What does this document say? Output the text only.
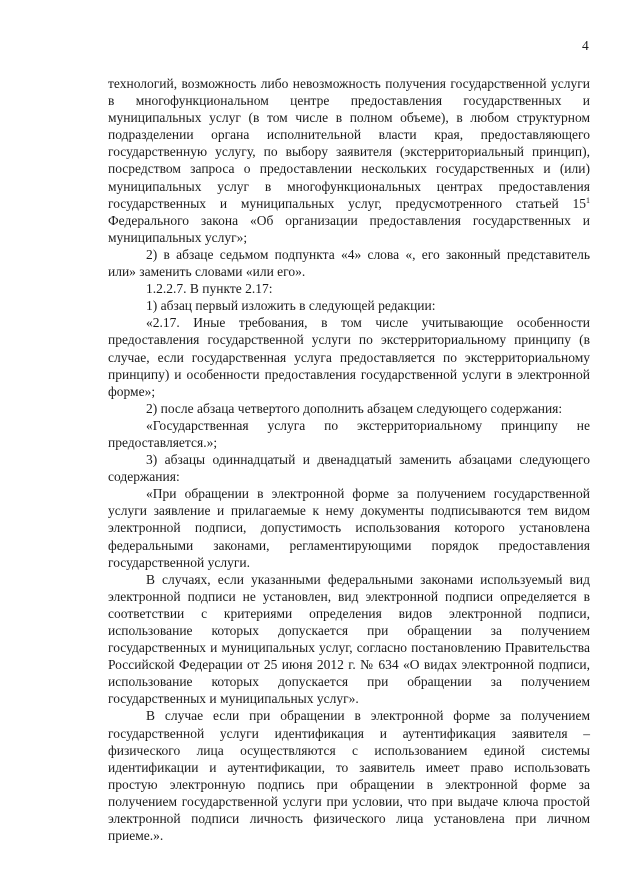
4

технологий, возможность либо невозможность получения государственной услуги в многофункциональном центре предоставления государственных и муниципальных услуг (в том числе в полном объеме), в любом структурном подразделении органа исполнительной власти края, предоставляющего государственную услугу, по выбору заявителя (экстерриториальный принцип), посредством запроса о предоставлении нескольких государственных и (или) муниципальных услуг в многофункциональных центрах предоставления государственных и муниципальных услуг, предусмотренного статьей $15^1$ Федерального закона «Об организации предоставления государственных и муниципальных услуг»;

2) в абзаце седьмом подпункта «4» слова «, его законный представитель или» заменить словами «или его».

1.2.2.7. В пункте 2.17:

1) абзац первый изложить в следующей редакции:

«2.17. Иные требования, в том числе учитывающие особенности предоставления государственной услуги по экстерриториальному принципу (в случае, если государственная услуга предоставляется по экстерриториальному принципу) и особенности предоставления государственной услуги в электронной форме»;

2) после абзаца четвертого дополнить абзацем следующего содержания:

«Государственная услуга по экстерриториальному принципу не предоставляется.»;

3) абзацы одиннадцатый и двенадцатый заменить абзацами следующего содержания:

«При обращении в электронной форме за получением государственной услуги заявление и прилагаемые к нему документы подписываются тем видом электронной подписи, допустимость использования которого установлена федеральными законами, регламентирующими порядок предоставления государственной услуги.

В случаях, если указанными федеральными законами используемый вид электронной подписи не установлен, вид электронной подписи определяется в соответствии с критериями определения видов электронной подписи, использование которых допускается при обращении за получением государственных и муниципальных услуг, согласно постановлению Правительства Российской Федерации от 25 июня 2012 г. № 634 «О видах электронной подписи, использование которых допускается при обращении за получением государственных и муниципальных услуг».

В случае если при обращении в электронной форме за получением государственной услуги идентификация и аутентификация заявителя – физического лица осуществляются с использованием единой системы идентификации и аутентификации, то заявитель имеет право использовать простую электронную подпись при обращении в электронной форме за получением государственной услуги при условии, что при выдаче ключа простой электронной подписи личность физического лица установлена при личном приеме.».
